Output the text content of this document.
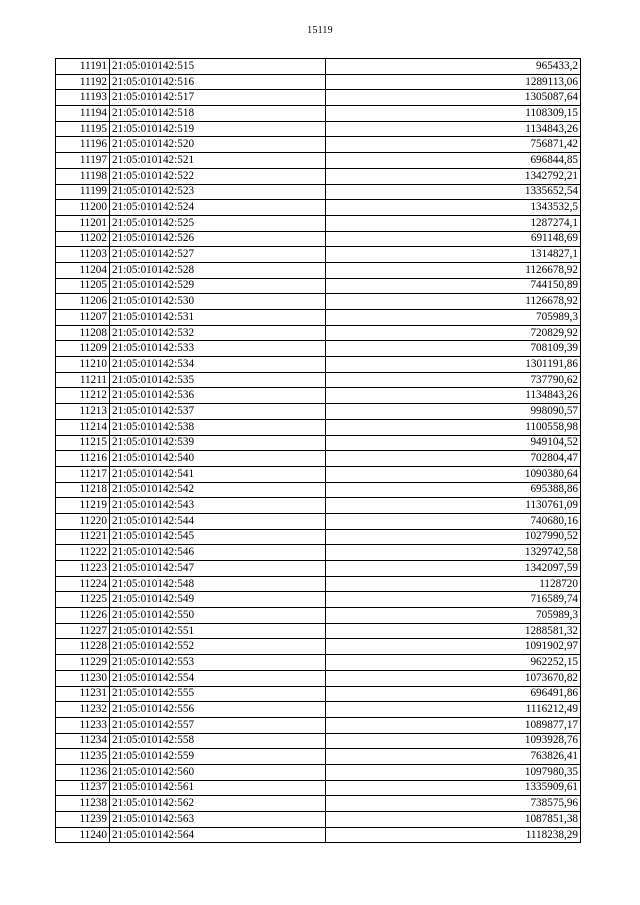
15119
11191	21:05:010142:515	965433,2
11192	21:05:010142:516	1289113,06
11193	21:05:010142:517	1305087,64
11194	21:05:010142:518	1108309,15
11195	21:05:010142:519	1134843,26
11196	21:05:010142:520	756871,42
11197	21:05:010142:521	696844,85
11198	21:05:010142:522	1342792,21
11199	21:05:010142:523	1335652,54
11200	21:05:010142:524	1343532,5
11201	21:05:010142:525	1287274,1
11202	21:05:010142:526	691148,69
11203	21:05:010142:527	1314827,1
11204	21:05:010142:528	1126678,92
11205	21:05:010142:529	744150,89
11206	21:05:010142:530	1126678,92
11207	21:05:010142:531	705989,3
11208	21:05:010142:532	720829,92
11209	21:05:010142:533	708109,39
11210	21:05:010142:534	1301191,86
11211	21:05:010142:535	737790,62
11212	21:05:010142:536	1134843,26
11213	21:05:010142:537	998090,57
11214	21:05:010142:538	1100558,98
11215	21:05:010142:539	949104,52
11216	21:05:010142:540	702804,47
11217	21:05:010142:541	1090380,64
11218	21:05:010142:542	695388,86
11219	21:05:010142:543	1130761,09
11220	21:05:010142:544	740680,16
11221	21:05:010142:545	1027990,52
11222	21:05:010142:546	1329742,58
11223	21:05:010142:547	1342097,59
11224	21:05:010142:548	1128720
11225	21:05:010142:549	716589,74
11226	21:05:010142:550	705989,3
11227	21:05:010142:551	1288581,32
11228	21:05:010142:552	1091902,97
11229	21:05:010142:553	962252,15
11230	21:05:010142:554	1073670,82
11231	21:05:010142:555	696491,86
11232	21:05:010142:556	1116212,49
11233	21:05:010142:557	1089877,17
11234	21:05:010142:558	1093928,76
11235	21:05:010142:559	763826,41
11236	21:05:010142:560	1097980,35
11237	21:05:010142:561	1335909,61
11238	21:05:010142:562	738575,96
11239	21:05:010142:563	1087851,38
11240	21:05:010142:564	1118238,29
